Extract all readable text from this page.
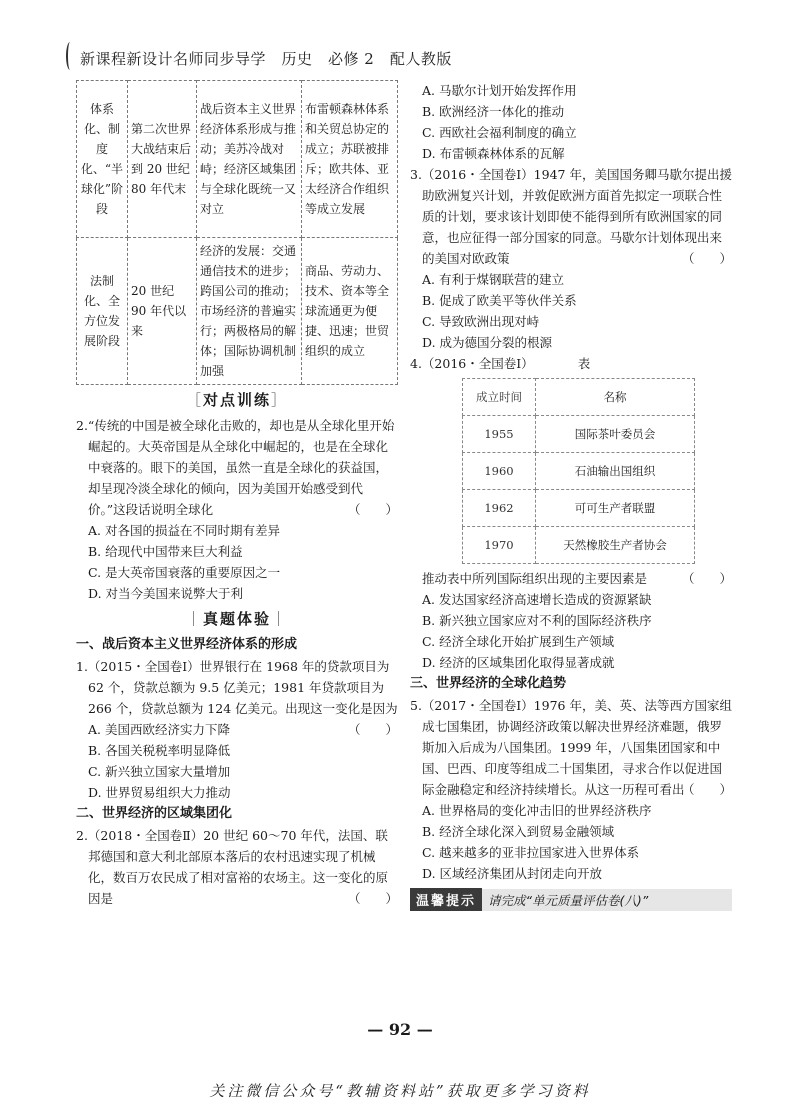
新课程新设计名师同步导学　历史　必修 2　配人教版
体系化、制度化、“半球化”阶段	第二次世界大战结束后到 20 世纪 80 年代末	战后资本主义世界经济体系形成与推动；美苏冷战对峙；经济区域集团与全球化既统一又对立	布雷顿森林体系和关贸总协定的成立；苏联被排斥；欧共体、亚太经济合作组织等成立发展
法制化、全方位发展阶段	20 世纪 90 年代以来	经济的发展：交通通信技术的进步；跨国公司的推动；市场经济的普遍实行；两极格局的解体；国际协调机制加强	商品、劳动力、技术、资本等全球流通更为便捷、迅速；世贸组织的成立
［对点训练］

2.“传统的中国是被全球化击败的，却也是从全球化里开始崛起的。大英帝国是从全球化中崛起的，也是在全球化中衰落的。眼下的美国，虽然一直是全球化的获益国，却呈现冷淡全球化的倾向，因为美国开始感受到代价。”这段话说明全球化	（　　）

A. 对各国的损益在不同时期有差异

B. 给现代中国带来巨大利益

C. 是大英帝国衰落的重要原因之一

D. 对当今美国来说弊大于利

｜真题体验｜

一、战后资本主义世界经济体系的形成

1.（2015・全国卷Ⅰ）世界银行在 1968 年的贷款项目为 62 个，贷款总额为 9.5 亿美元；1981 年贷款项目为 266 个，贷款总额为 124 亿美元。出现这一变化是因为
（　　）

A. 美国西欧经济实力下降

B. 各国关税税率明显降低

C. 新兴独立国家大量增加

D. 世界贸易组织大力推动

二、世界经济的区域集团化

2.（2018・全国卷Ⅱ）20 世纪 60～70 年代，法国、联邦德国和意大利北部原本落后的农村迅速实现了机械化，数百万农民成了相对富裕的农场主。这一变化的原因是	（　　）

A. 马歇尔计划开始发挥作用

B. 欧洲经济一体化的推动

C. 西欧社会福利制度的确立

D. 布雷顿森林体系的瓦解

3.（2016・全国卷Ⅰ）1947 年，美国国务卿马歇尔提出援助欧洲复兴计划，并敦促欧洲方面首先拟定一项联合性质的计划，要求该计划即使不能得到所有欧洲国家的同意，也应征得一部分国家的同意。马歇尔计划体现出来的美国对欧政策	（　　）

A. 有利于煤钢联营的建立

B. 促成了欧美平等伙伴关系

C. 导致欧洲出现对峙

D. 成为德国分裂的根源

4.（2016・全国卷Ⅰ）	表

成立时间	名称
1955	国际茶叶委员会
1960	石油输出国组织
1962	可可生产者联盟
1970	天然橡胶生产者协会

推动表中所列国际组织出现的主要因素是	（　　）

A. 发达国家经济高速增长造成的资源紧缺

B. 新兴独立国家应对不利的国际经济秩序

C. 经济全球化开始扩展到生产领域

D. 经济的区域集团化取得显著成就

三、世界经济的全球化趋势

5.（2017・全国卷Ⅰ）1976 年，美、英、法等西方国家组成七国集团，协调经济政策以解决世界经济难题，俄罗斯加入后成为八国集团。1999 年，八国集团国家和中国、巴西、印度等组成二十国集团，寻求合作以促进国际金融稳定和经济持续增长。从这一历程可看出
（　　）

A. 世界格局的变化冲击旧的世界经济秩序

B. 经济全球化深入到贸易金融领域

C. 越来越多的亚非拉国家进入世界体系

D. 区域经济集团从封闭走向开放

温馨提示 请完成“单元质量评估卷(八)”
— 92 —
关注微信公众号“教辅资料站”获取更多学习资料
